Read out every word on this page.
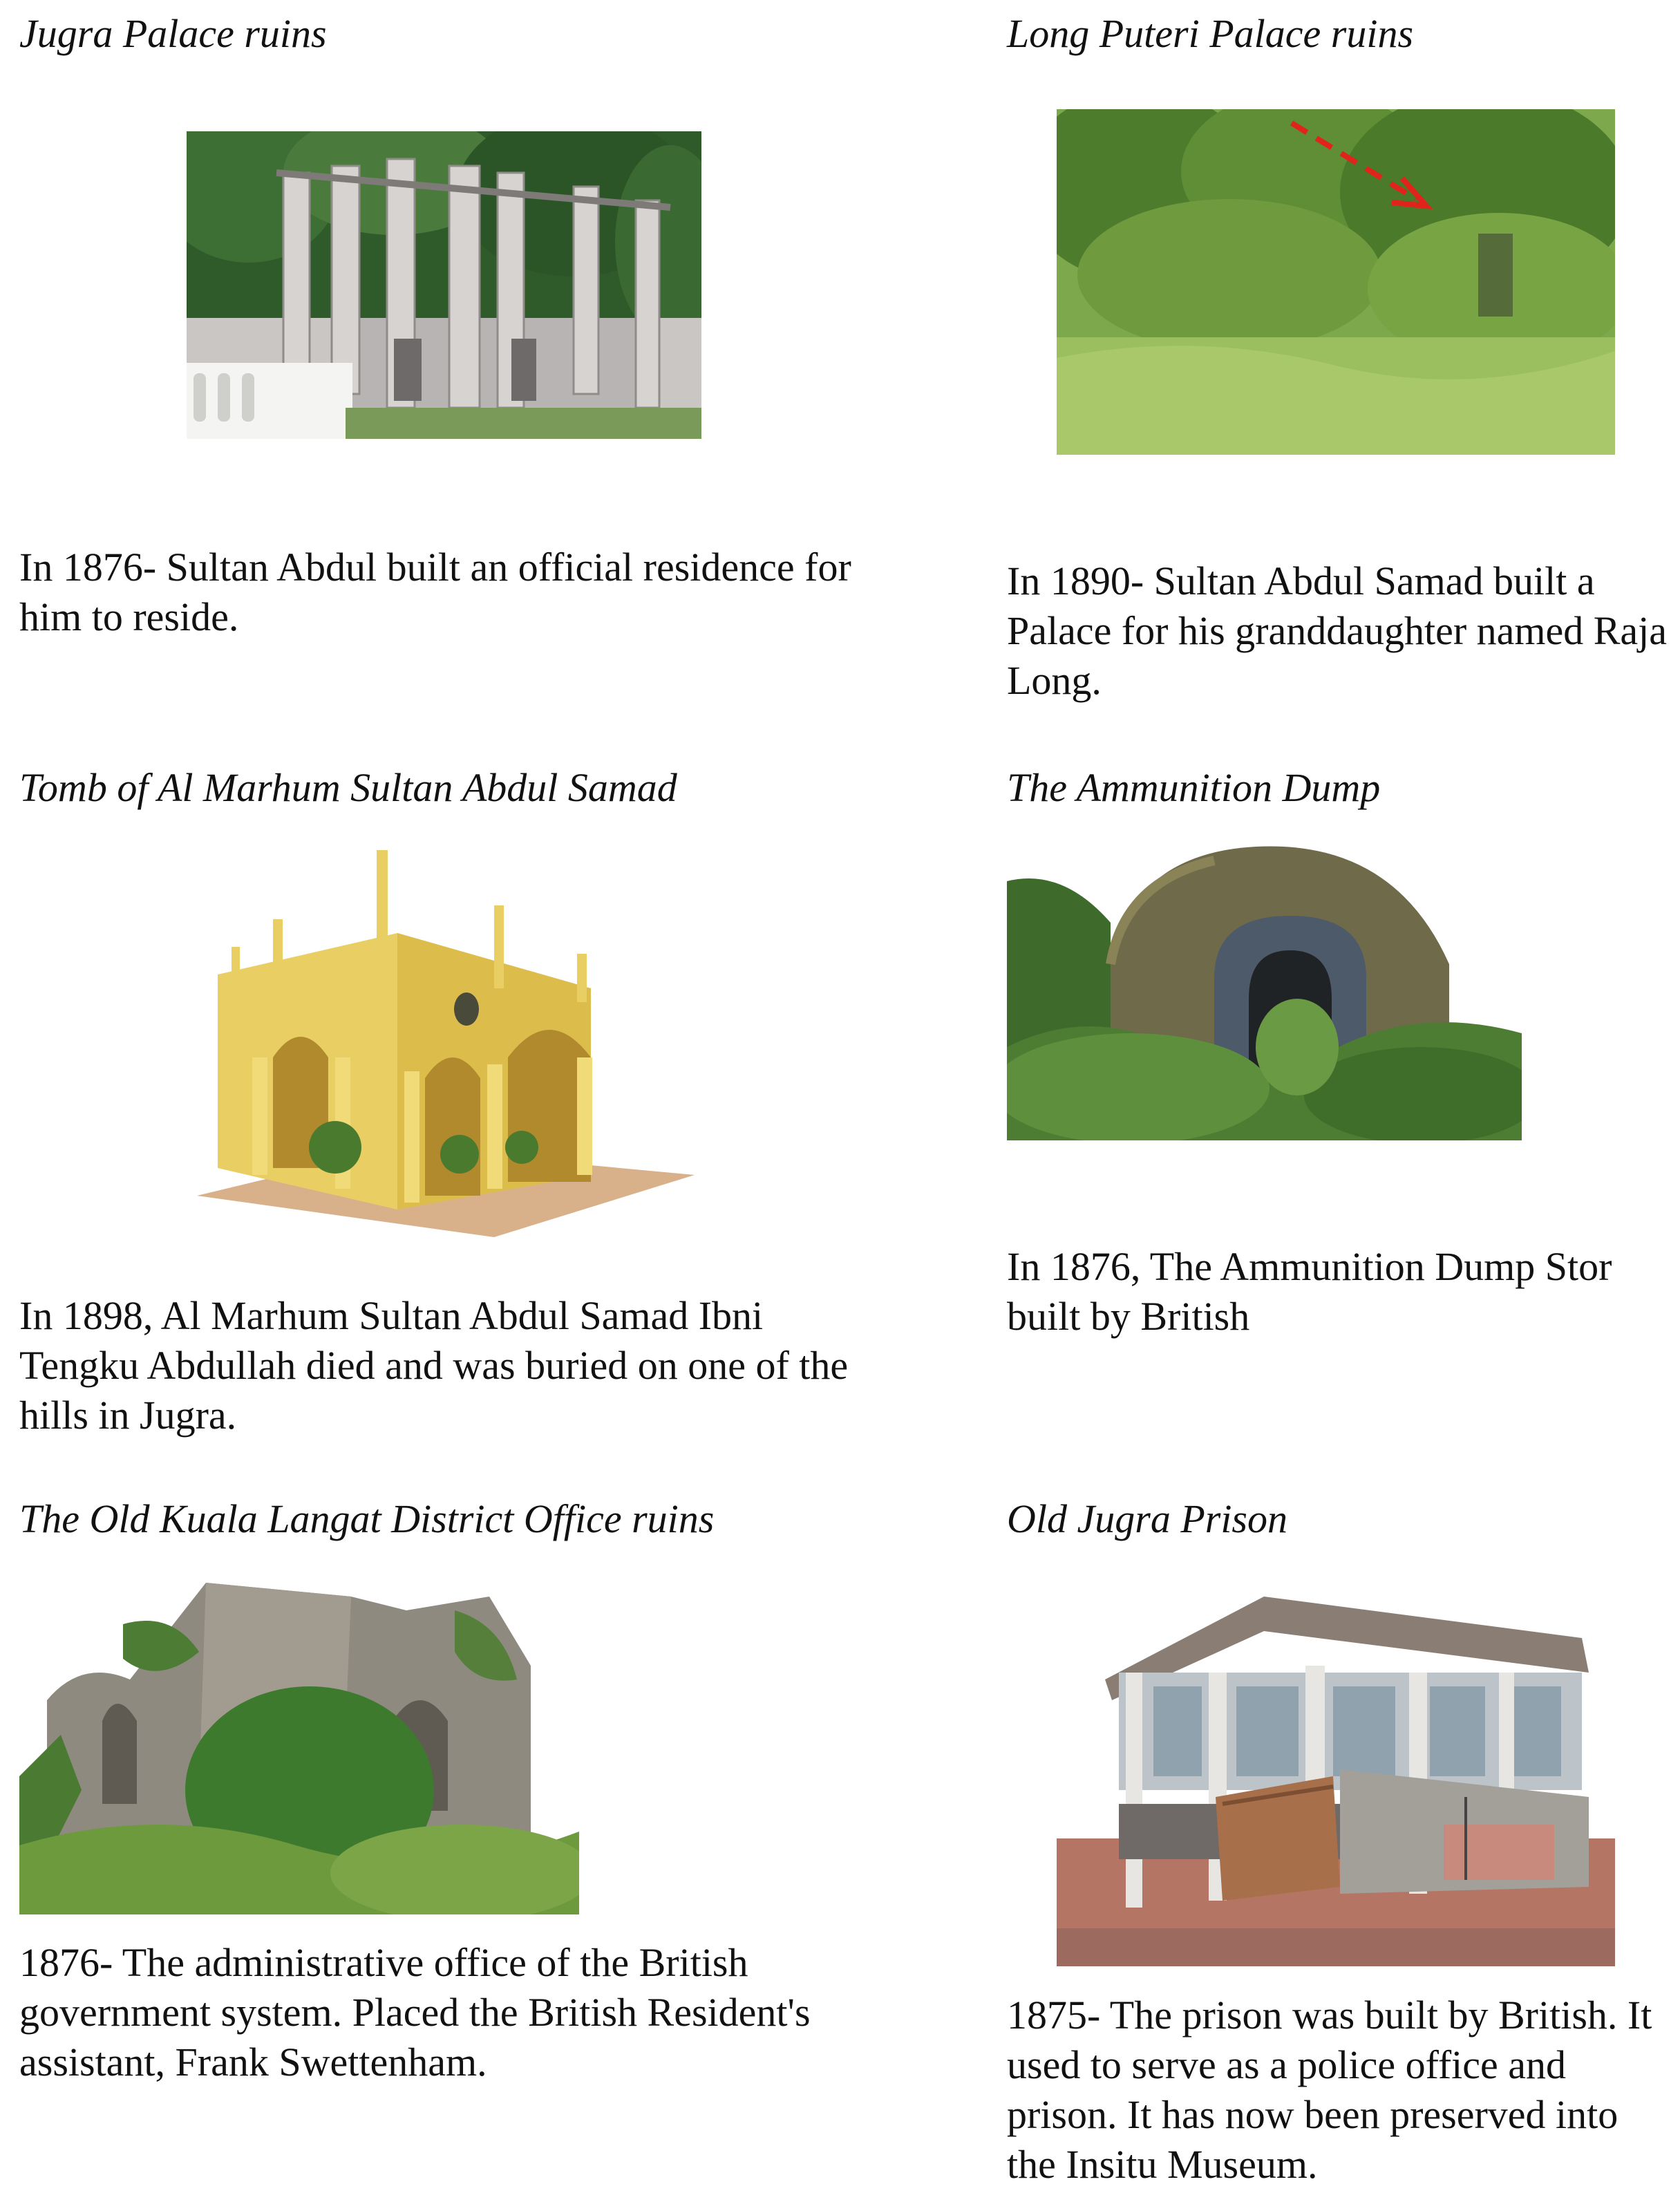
Jugra Palace ruins

In 1876- Sultan Abdul built an official residence for him to reside.

Long Puteri Palace ruins

In 1890- Sultan Abdul Samad built a Palace for his granddaughter named Raja Long.

Tomb of Al Marhum Sultan Abdul Samad

In 1898, Al Marhum Sultan Abdul Samad Ibni Tengku Abdullah died and was buried on one of the hills in Jugra.

The Ammunition Dump

In 1876, The Ammunition Dump Stor built by British

The Old Kuala Langat District Office ruins

1876- The administrative office of the British government system. Placed the British Resident's assistant, Frank Swettenham.

Old Jugra Prison

1875- The prison was built by British. It used to serve as a police office and prison. It has now been preserved into the Insitu Museum.
